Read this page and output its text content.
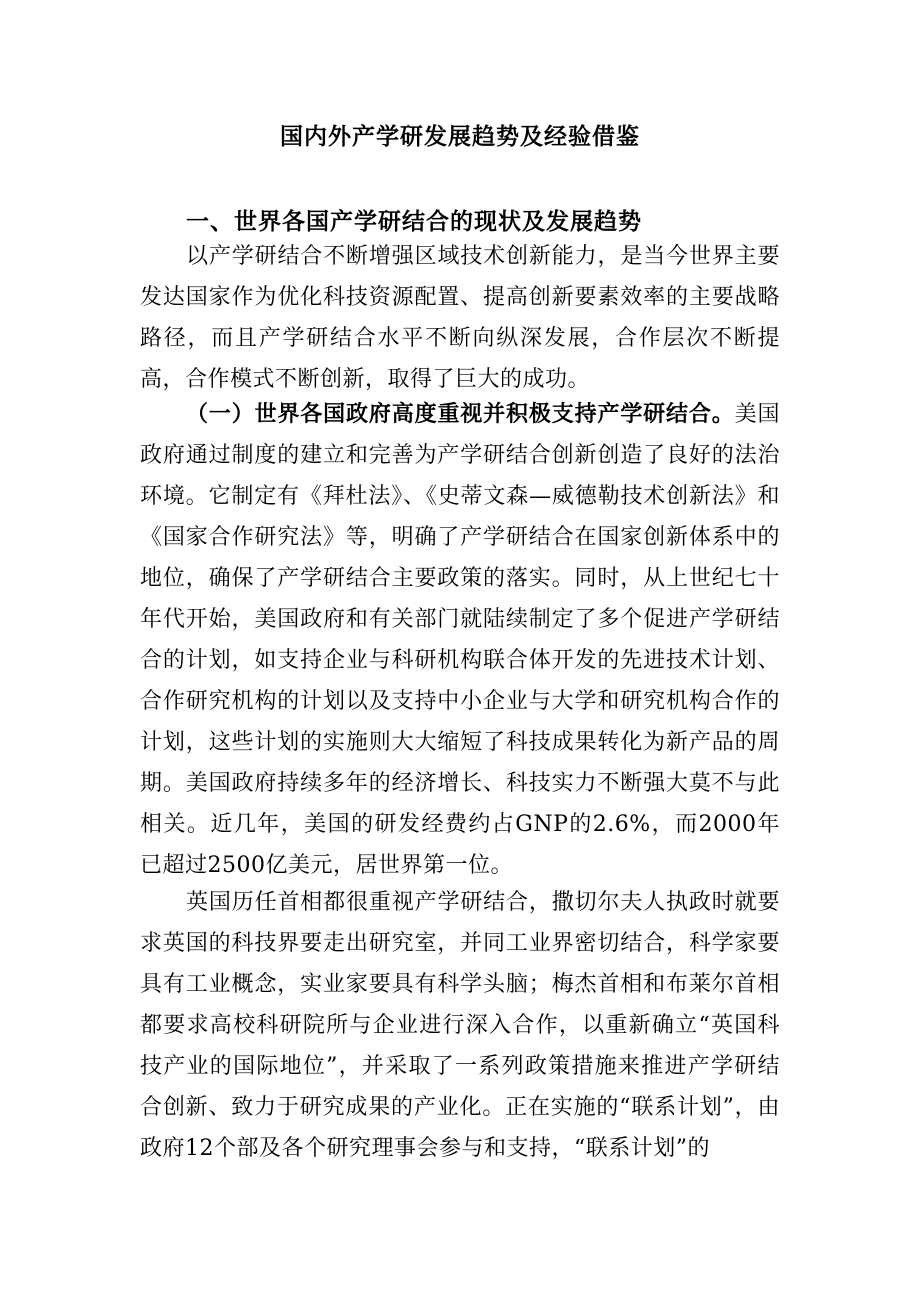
国内外产学研发展趋势及经验借鉴
一、世界各国产学研结合的现状及发展趋势

以产学研结合不断增强区域技术创新能力，是当今世界主要发达国家作为优化科技资源配置、提高创新要素效率的主要战略路径，而且产学研结合水平不断向纵深发展，合作层次不断提高，合作模式不断创新，取得了巨大的成功。

（一）世界各国政府高度重视并积极支持产学研结合。美国政府通过制度的建立和完善为产学研结合创新创造了良好的法治环境。它制定有《拜杜法》、《史蒂文森—威德勒技术创新法》和《国家合作研究法》等，明确了产学研结合在国家创新体系中的地位，确保了产学研结合主要政策的落实。同时，从上世纪七十年代开始，美国政府和有关部门就陆续制定了多个促进产学研结合的计划，如支持企业与科研机构联合体开发的先进技术计划、合作研究机构的计划以及支持中小企业与大学和研究机构合作的计划，这些计划的实施则大大缩短了科技成果转化为新产品的周期。美国政府持续多年的经济增长、科技实力不断强大莫不与此相关。近几年，美国的研发经费约占GNP的2.6%，而2000年已超过2500亿美元，居世界第一位。

英国历任首相都很重视产学研结合，撒切尔夫人执政时就要求英国的科技界要走出研究室，并同工业界密切结合，科学家要具有工业概念，实业家要具有科学头脑；梅杰首相和布莱尔首相都要求高校科研院所与企业进行深入合作，以重新确立“英国科技产业的国际地位”，并采取了一系列政策措施来推进产学研结合创新、致力于研究成果的产业化。正在实施的“联系计划”，由政府12个部及各个研究理事会参与和支持，“联系计划”的
